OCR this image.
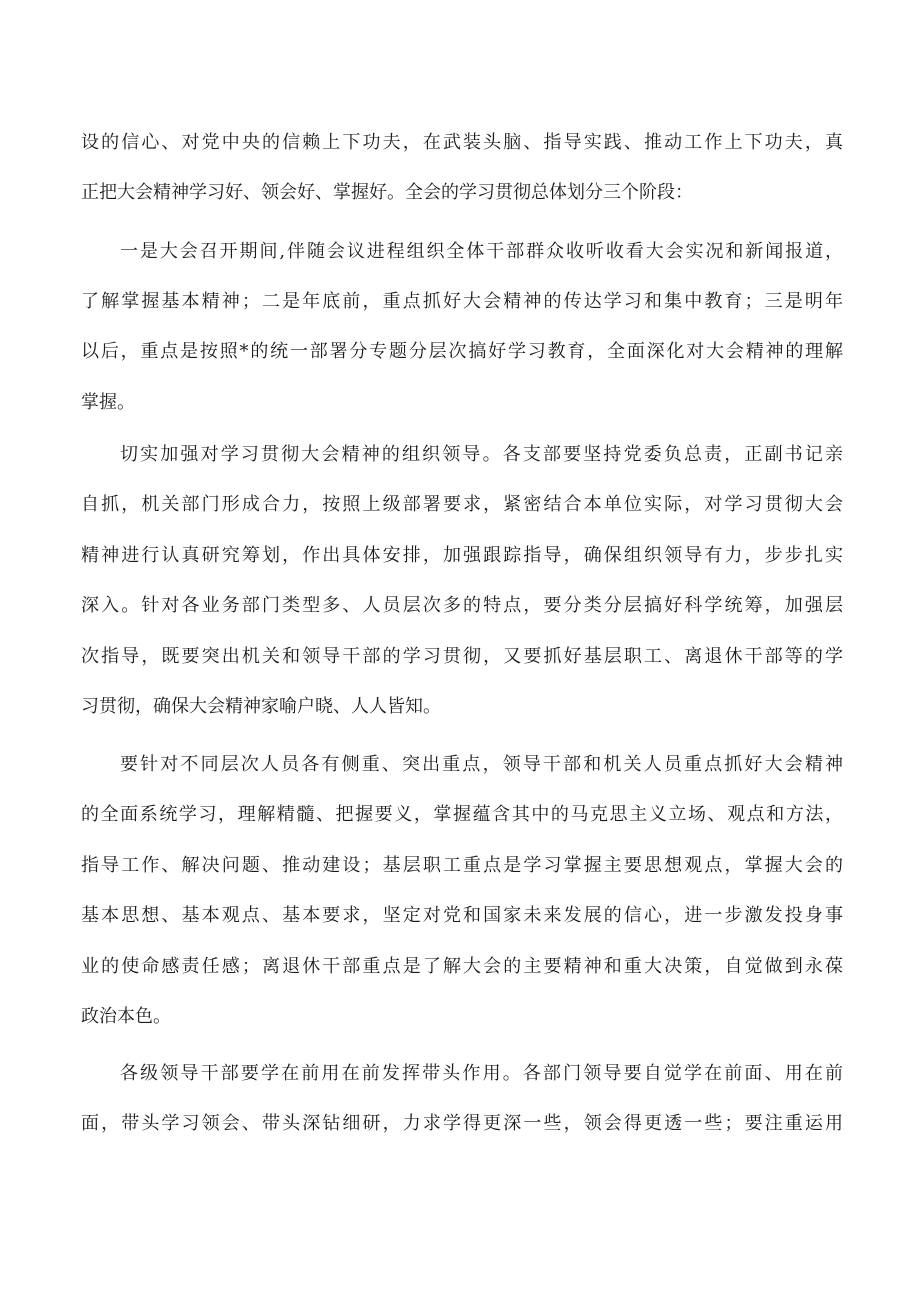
设的信心、对党中央的信赖上下功夫，在武装头脑、指导实践、推动工作上下功夫，真
正把大会精神学习好、领会好、掌握好。全会的学习贯彻总体划分三个阶段：
一是大会召开期间,伴随会议进程组织全体干部群众收听收看大会实况和新闻报道，
了解掌握基本精神；二是年底前，重点抓好大会精神的传达学习和集中教育；三是明年
以后，重点是按照*的统一部署分专题分层次搞好学习教育，全面深化对大会精神的理解
掌握。
切实加强对学习贯彻大会精神的组织领导。各支部要坚持党委负总责，正副书记亲
自抓，机关部门形成合力，按照上级部署要求，紧密结合本单位实际，对学习贯彻大会
精神进行认真研究筹划，作出具体安排，加强跟踪指导，确保组织领导有力，步步扎实
深入。针对各业务部门类型多、人员层次多的特点，要分类分层搞好科学统筹，加强层
次指导，既要突出机关和领导干部的学习贯彻，又要抓好基层职工、离退休干部等的学
习贯彻，确保大会精神家喻户晓、人人皆知。
要针对不同层次人员各有侧重、突出重点，领导干部和机关人员重点抓好大会精神
的全面系统学习，理解精髓、把握要义，掌握蕴含其中的马克思主义立场、观点和方法，
指导工作、解决问题、推动建设；基层职工重点是学习掌握主要思想观点，掌握大会的
基本思想、基本观点、基本要求，坚定对党和国家未来发展的信心，进一步激发投身事
业的使命感责任感；离退休干部重点是了解大会的主要精神和重大决策，自觉做到永葆
政治本色。
各级领导干部要学在前用在前发挥带头作用。各部门领导要自觉学在前面、用在前
面，带头学习领会、带头深钻细研，力求学得更深一些，领会得更透一些；要注重运用
